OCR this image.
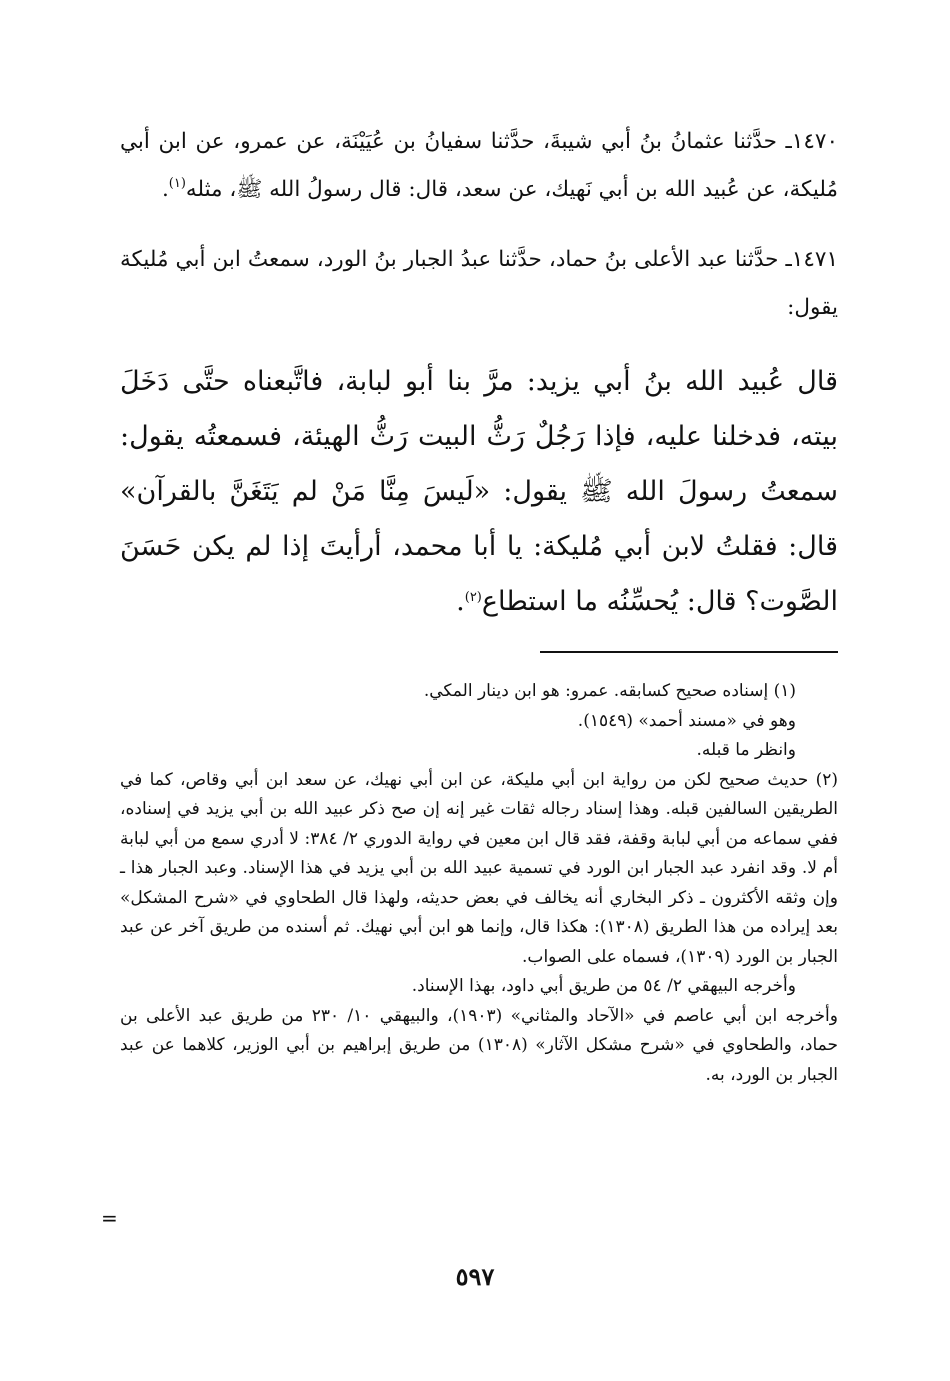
١٤٧٠ـ حدَّثنا عثمانُ بنُ أبي شيبةَ، حدَّثنا سفيانُ بن عُيَيْنَة، عن عمرو، عن ابن أبي مُليكة، عن عُبيد الله بن أبي نَهيك، عن سعد، قال: قال رسولُ الله ﷺ، مثله$^{(١)}$.

١٤٧١ـ حدَّثنا عبد الأعلى بنُ حماد، حدَّثنا عبدُ الجبار بنُ الورد، سمعتُ ابن أبي مُليكة يقول:

قال عُبيد الله بنُ أبي يزيد: مرَّ بنا أبو لبابة، فاتَّبعناه حتَّى دَخَلَ بيته، فدخلنا عليه، فإذا رَجُلٌ رَثُّ البيت رَثُّ الهيئة، فسمعتُه يقول: سمعتُ رسولَ الله ﷺ يقول: «لَيسَ مِنَّا مَنْ لم يَتَغَنَّ بالقرآن» قال: فقلتُ لابن أبي مُليكة: يا أبا محمد، أرأيتَ إذا لم يكن حَسَنَ الصَّوت؟ قال: يُحسِّنُه ما استطاع$^{(٢)}$.

(١) إسناده صحيح كسابقه. عمرو: هو ابن دينار المكي.

وهو في «مسند أحمد» (١٥٤٩).

وانظر ما قبله.

(٢) حديث صحيح لكن من رواية ابن أبي مليكة، عن ابن أبي نهيك، عن سعد ابن أبي وقاص، كما في الطريقين السالفين قبله. وهذا إسناد رجاله ثقات غير إنه إن صح ذكر عبيد الله بن أبي يزيد في إسناده، ففي سماعه من أبي لبابة وقفة، فقد قال ابن معين في رواية الدوري ٢/ ٣٨٤: لا أدري سمع من أبي لبابة أم لا. وقد انفرد عبد الجبار ابن الورد في تسمية عبيد الله بن أبي يزيد في هذا الإسناد. وعبد الجبار هذا ـ وإن وثقه الأكثرون ـ ذكر البخاري أنه يخالف في بعض حديثه، ولهذا قال الطحاوي في «شرح المشكل» بعد إيراده من هذا الطريق (١٣٠٨): هكذا قال، وإنما هو ابن أبي نهيك. ثم أسنده من طريق آخر عن عبد الجبار بن الورد (١٣٠٩)، فسماه على الصواب.

وأخرجه البيهقي ٢/ ٥٤ من طريق أبي داود، بهذا الإسناد.

وأخرجه ابن أبي عاصم في «الآحاد والمثاني» (١٩٠٣)، والبيهقي ١٠/ ٢٣٠ من طريق عبد الأعلى بن حماد، والطحاوي في «شرح مشكل الآثار» (١٣٠٨) من طريق إبراهيم بن أبي الوزير، كلاهما عن عبد الجبار بن الورد، به.

=
٥٩٧
